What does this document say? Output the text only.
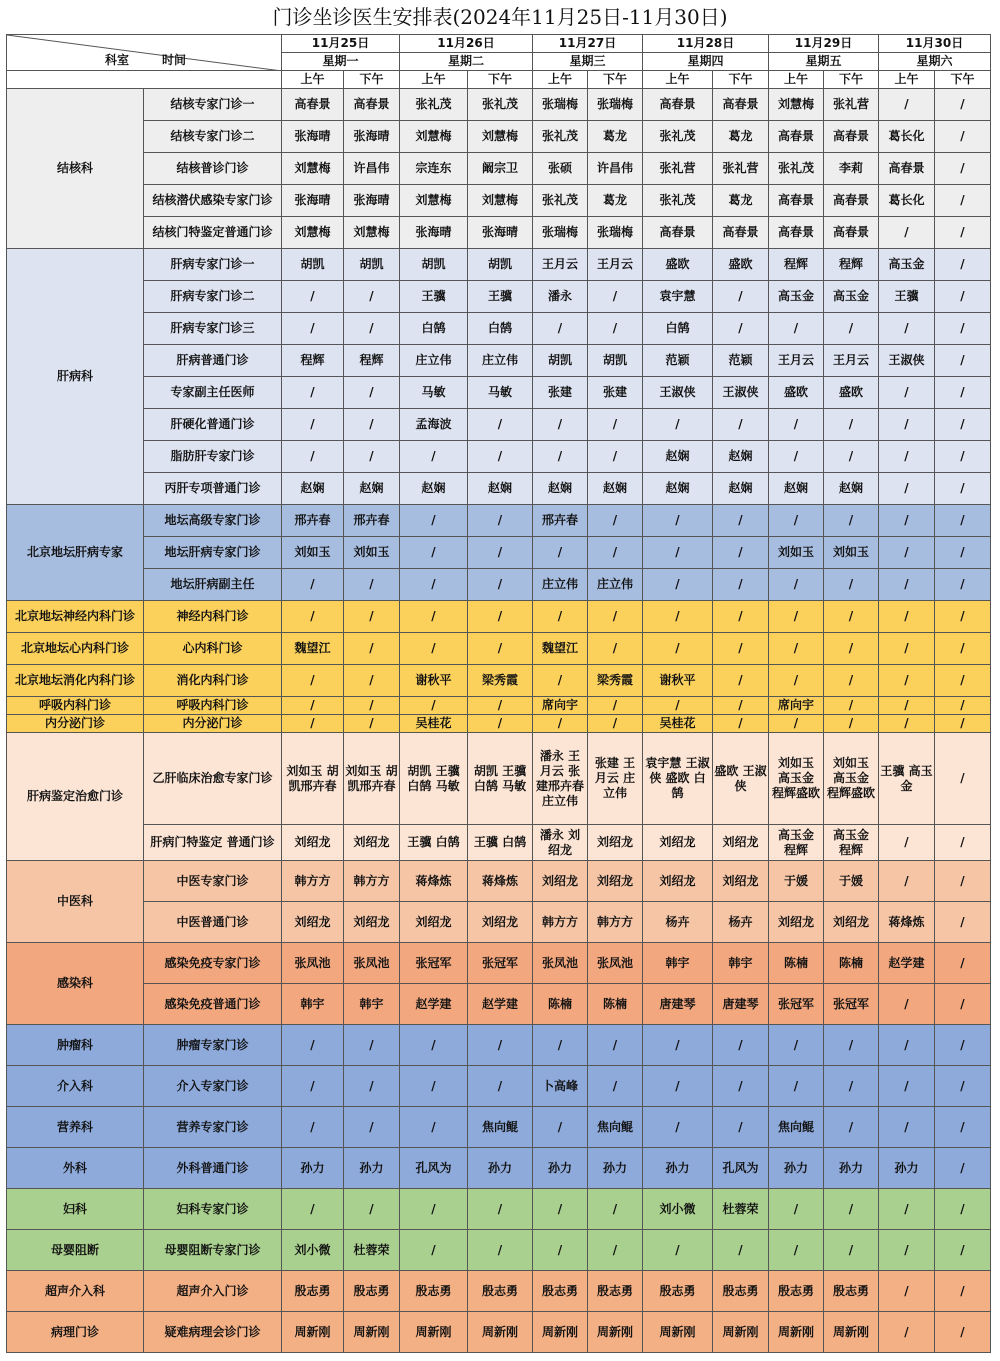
门诊坐诊医生安排表(2024年11月25日-11月30日)
科室 时间		11月25日		11月26日		11月27日		11月28日		11月29日		11月30日	
		星期一		星期二		星期三		星期四		星期五		星期六	
		上午	下午	上午	下午	上午	下午	上午	下午	上午	下午	上午	下午
结核科	结核专家门诊一	高春景	高春景	张礼茂	张礼茂	张瑞梅	张瑞梅	高春景	高春景	刘慧梅	张礼营	/	/
	结核专家门诊二	张海晴	张海晴	刘慧梅	刘慧梅	张礼茂	葛龙	张礼茂	葛龙	高春景	高春景	葛长化	/
	结核普诊门诊	刘慧梅	许昌伟	宗连东	阚宗卫	张硕	许昌伟	张礼营	张礼营	张礼茂	李莉	高春景	/
	结核潜伏感染专家门诊	张海晴	张海晴	刘慧梅	刘慧梅	张礼茂	葛龙	张礼茂	葛龙	高春景	高春景	葛长化	/
	结核门特鉴定普通门诊	刘慧梅	刘慧梅	张海晴	张海晴	张瑞梅	张瑞梅	高春景	高春景	高春景	高春景	/	/
肝病科	肝病专家门诊一	胡凯	胡凯	胡凯	胡凯	王月云	王月云	盛欧	盛欧	程辉	程辉	高玉金	/
	肝病专家门诊二	/	/	王骥	王骥	潘永	/	袁宇慧	/	高玉金	高玉金	王骥	/
	肝病专家门诊三	/	/	白鹄	白鹄	/	/	白鹄	/	/	/	/	/
	肝病普通门诊	程辉	程辉	庄立伟	庄立伟	胡凯	胡凯	范颖	范颖	王月云	王月云	王淑侠	/
	专家副主任医师	/	/	马敏	马敏	张建	张建	王淑侠	王淑侠	盛欧	盛欧	/	/
	肝硬化普通门诊	/	/	孟海波	/	/	/	/	/	/	/	/	/
	脂肪肝专家门诊	/	/	/	/	/	/	赵娴	赵娴	/	/	/	/
	丙肝专项普通门诊	赵娴	赵娴	赵娴	赵娴	赵娴	赵娴	赵娴	赵娴	赵娴	赵娴	/	/
北京地坛肝病专家	地坛高级专家门诊	邢卉春	邢卉春	/	/	邢卉春	/	/	/	/	/	/	/
	地坛肝病专家门诊	刘如玉	刘如玉	/	/	/	/	/	/	刘如玉	刘如玉	/	/
	地坛肝病副主任	/	/	/	/	庄立伟	庄立伟	/	/	/	/	/	/
北京地坛神经内科门诊	神经内科门诊	/	/	/	/	/	/	/	/	/	/	/	/
北京地坛心内科门诊	心内科门诊	魏望江	/	/	/	魏望江	/	/	/	/	/	/	/
北京地坛消化内科门诊	消化内科门诊	/	/	谢秋平	梁秀霞	/	梁秀霞	谢秋平	/	/	/	/	/
呼吸内科门诊	呼吸内科门诊	/	/	/	/	席向宇	/	/	/	席向宇	/	/	/
内分泌门诊	内分泌门诊	/	/	吴桂花	/	/	/	吴桂花	/	/	/	/	/
肝病鉴定治愈门诊	乙肝临床治愈专家门诊	刘如玉 胡凯邢卉春	刘如玉 胡凯邢卉春	胡凯 王骥 白鹄 马敏	胡凯 王骥 白鹄 马敏	潘永 王月云 张建邢卉春庄立伟	张建 王月云 庄立伟	袁宇慧 王淑侠 盛欧 白鹄	盛欧 王淑侠	刘如玉 高玉金 程辉盛欧	刘如玉 高玉金 程辉盛欧	王骥 高玉金	/
	肝病门特鉴定 普通门诊	刘绍龙	刘绍龙	王骥 白鹄	王骥 白鹄	潘永 刘绍龙	刘绍龙	刘绍龙	刘绍龙	高玉金 程辉	高玉金 程辉	/	/
中医科	中医专家门诊	韩方方	韩方方	蒋烽炼	蒋烽炼	刘绍龙	刘绍龙	刘绍龙	刘绍龙	于媛	于媛	/	/
	中医普通门诊	刘绍龙	刘绍龙	刘绍龙	刘绍龙	韩方方	韩方方	杨卉	杨卉	刘绍龙	刘绍龙	蒋烽炼	/
感染科	感染免疫专家门诊	张凤池	张凤池	张冠军	张冠军	张凤池	张凤池	韩宇	韩宇	陈楠	陈楠	赵学建	/
	感染免疫普通门诊	韩宇	韩宇	赵学建	赵学建	陈楠	陈楠	唐建琴	唐建琴	张冠军	张冠军	/	/
肿瘤科	肿瘤专家门诊	/	/	/	/	/	/	/	/	/	/	/	/
介入科	介入专家门诊	/	/	/	/	卜高峰	/	/	/	/	/	/	/
营养科	营养专家门诊	/	/	/	焦向鲲	/	焦向鲲	/	/	焦向鲲	/	/	/
外科	外科普通门诊	孙力	孙力	孔风为	孙力	孙力	孙力	孙力	孔风为	孙力	孙力	孙力	/
妇科	妇科专家门诊	/	/	/	/	/	/	刘小微	杜蓉荣	/	/	/	/
母婴阻断	母婴阻断专家门诊	刘小微	杜蓉荣	/	/	/	/	/	/	/	/	/	/
超声介入科	超声介入门诊	殷志勇	殷志勇	殷志勇	殷志勇	殷志勇	殷志勇	殷志勇	殷志勇	殷志勇	殷志勇	/	/
病理门诊	疑难病理会诊门诊	周新刚	周新刚	周新刚	周新刚	周新刚	周新刚	周新刚	周新刚	周新刚	周新刚	/	/
